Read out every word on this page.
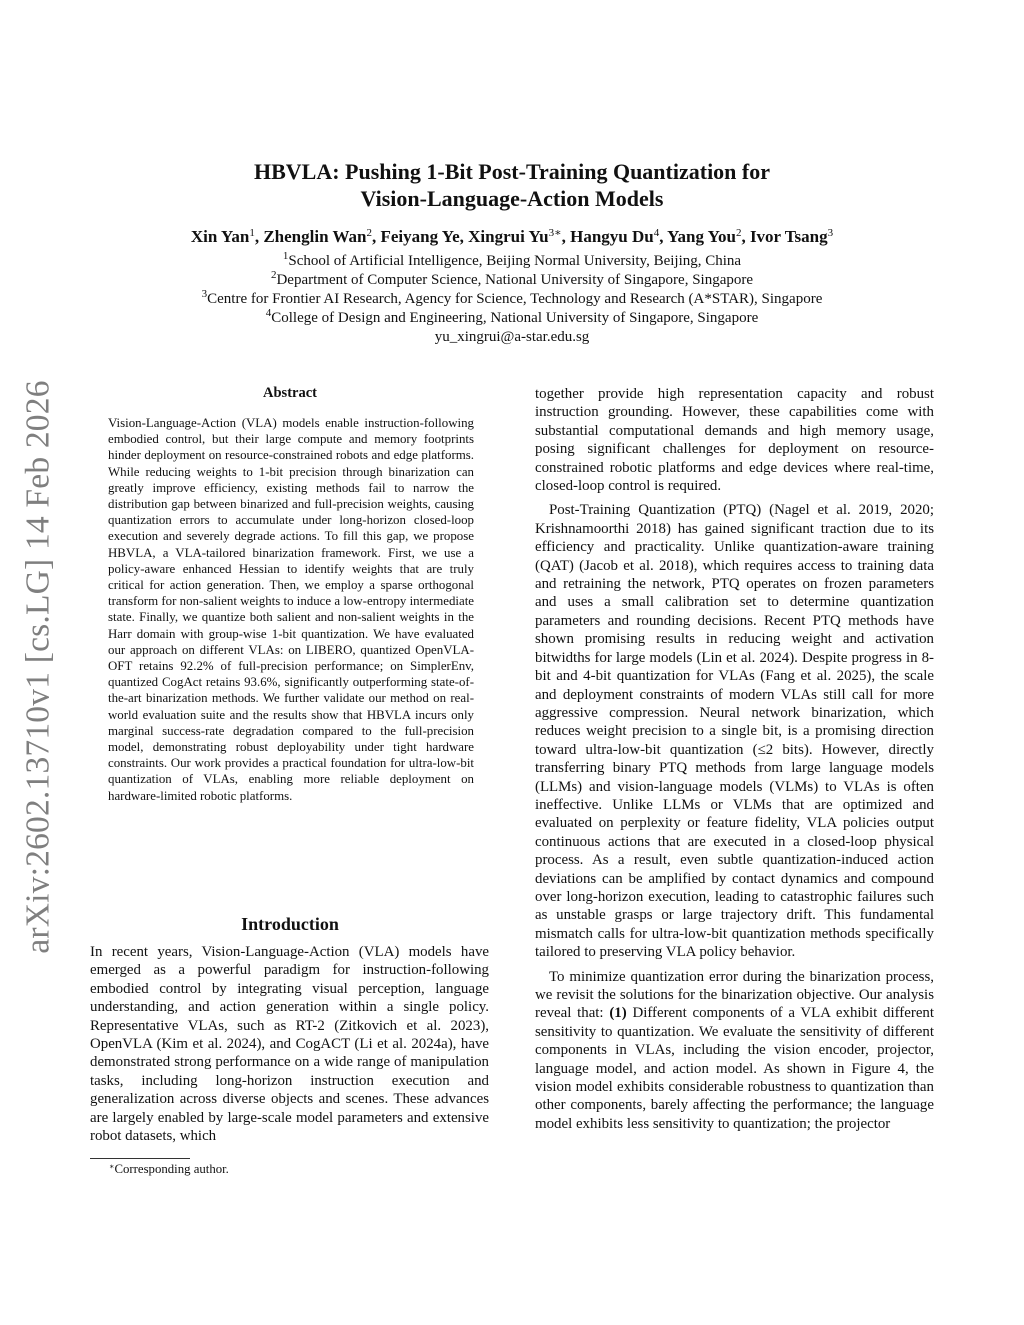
arXiv:2602.13710v1 [cs.LG] 14 Feb 2026
HBVLA: Pushing 1-Bit Post-Training Quantization for
Vision-Language-Action Models
Xin Yan$^1$, Zhenglin Wan$^2$, Feiyang Ye, Xingrui $Yu^{3∗}$, Hangyu Du$^4$, Yang You$^2$, Ivor Tsang$^3$
$^1$School of Artificial Intelligence, Beijing Normal University, Beijing, China
$^2$Department of Computer Science, National University of Singapore, Singapore
$^3$Centre for Frontier AI Research, Agency for Science, Technology and Research (A*STAR), Singapore
$^4$College of Design and Engineering, National University of Singapore, Singapore
yu_xingrui@a-star.edu.sg
Abstract
Vision-Language-Action (VLA) models enable instruction-following embodied control, but their large compute and memory footprints hinder deployment on resource-constrained robots and edge platforms. While reducing weights to 1-bit precision through binarization can greatly improve efficiency, existing methods fail to narrow the distribution gap between binarized and full-precision weights, causing quantization errors to accumulate under long-horizon closed-loop execution and severely degrade actions. To fill this gap, we propose HBVLA, a VLA-tailored binarization framework. First, we use a policy-aware enhanced Hessian to identify weights that are truly critical for action generation. Then, we employ a sparse orthogonal transform for non-salient weights to induce a low-entropy intermediate state. Finally, we quantize both salient and non-salient weights in the Harr domain with group-wise 1-bit quantization. We have evaluated our approach on different VLAs: on LIBERO, quantized OpenVLA-OFT retains 92.2% of full-precision performance; on SimplerEnv, quantized CogAct retains 93.6%, significantly outperforming state-of-the-art binarization methods. We further validate our method on real-world evaluation suite and the results show that HBVLA incurs only marginal success-rate degradation compared to the full-precision model, demonstrating robust deployability under tight hardware constraints. Our work provides a practical foundation for ultra-low-bit quantization of VLAs, enabling more reliable deployment on hardware-limited robotic platforms.
Introduction
In recent years, Vision-Language-Action (VLA) models have emerged as a powerful paradigm for instruction-following embodied control by integrating visual perception, language understanding, and action generation within a single policy. Representative VLAs, such as RT-2 (Zitkovich et al. 2023), OpenVLA (Kim et al. 2024), and CogACT (Li et al. 2024a), have demonstrated strong performance on a wide range of manipulation tasks, including long-horizon instruction execution and generalization across diverse objects and scenes. These advances are largely enabled by large-scale model parameters and extensive robot datasets, which
∗Corresponding author.

together provide high representation capacity and robust instruction grounding. However, these capabilities come with substantial computational demands and high memory usage, posing significant challenges for deployment on resource-constrained robotic platforms and edge devices where real-time, closed-loop control is required.

Post-Training Quantization (PTQ) (Nagel et al. 2019, 2020; Krishnamoorthi 2018) has gained significant traction due to its efficiency and practicality. Unlike quantization-aware training (QAT) (Jacob et al. 2018), which requires access to training data and retraining the network, PTQ operates on frozen parameters and uses a small calibration set to determine quantization parameters and rounding decisions. Recent PTQ methods have shown promising results in reducing weight and activation bitwidths for large models (Lin et al. 2024). Despite progress in 8-bit and 4-bit quantization for VLAs (Fang et al. 2025), the scale and deployment constraints of modern VLAs still call for more aggressive compression. Neural network binarization, which reduces weight precision to a single bit, is a promising direction toward ultra-low-bit quantization (≤2 bits). However, directly transferring binary PTQ methods from large language models (LLMs) and vision-language models (VLMs) to VLAs is often ineffective. Unlike LLMs or VLMs that are optimized and evaluated on perplexity or feature fidelity, VLA policies output continuous actions that are executed in a closed-loop physical process. As a result, even subtle quantization-induced action deviations can be amplified by contact dynamics and compound over long-horizon execution, leading to catastrophic failures such as unstable grasps or large trajectory drift. This fundamental mismatch calls for ultra-low-bit quantization methods specifically tailored to preserving VLA policy behavior.

To minimize quantization error during the binarization process, we revisit the solutions for the binarization objective. Our analysis reveal that: (1) Different components of a VLA exhibit different sensitivity to quantization. We evaluate the sensitivity of different components in VLAs, including the vision encoder, projector, language model, and action model. As shown in Figure 4, the vision model exhibits considerable robustness to quantization than other components, barely affecting the performance; the language model exhibits less sensitivity to quantization; the projector
